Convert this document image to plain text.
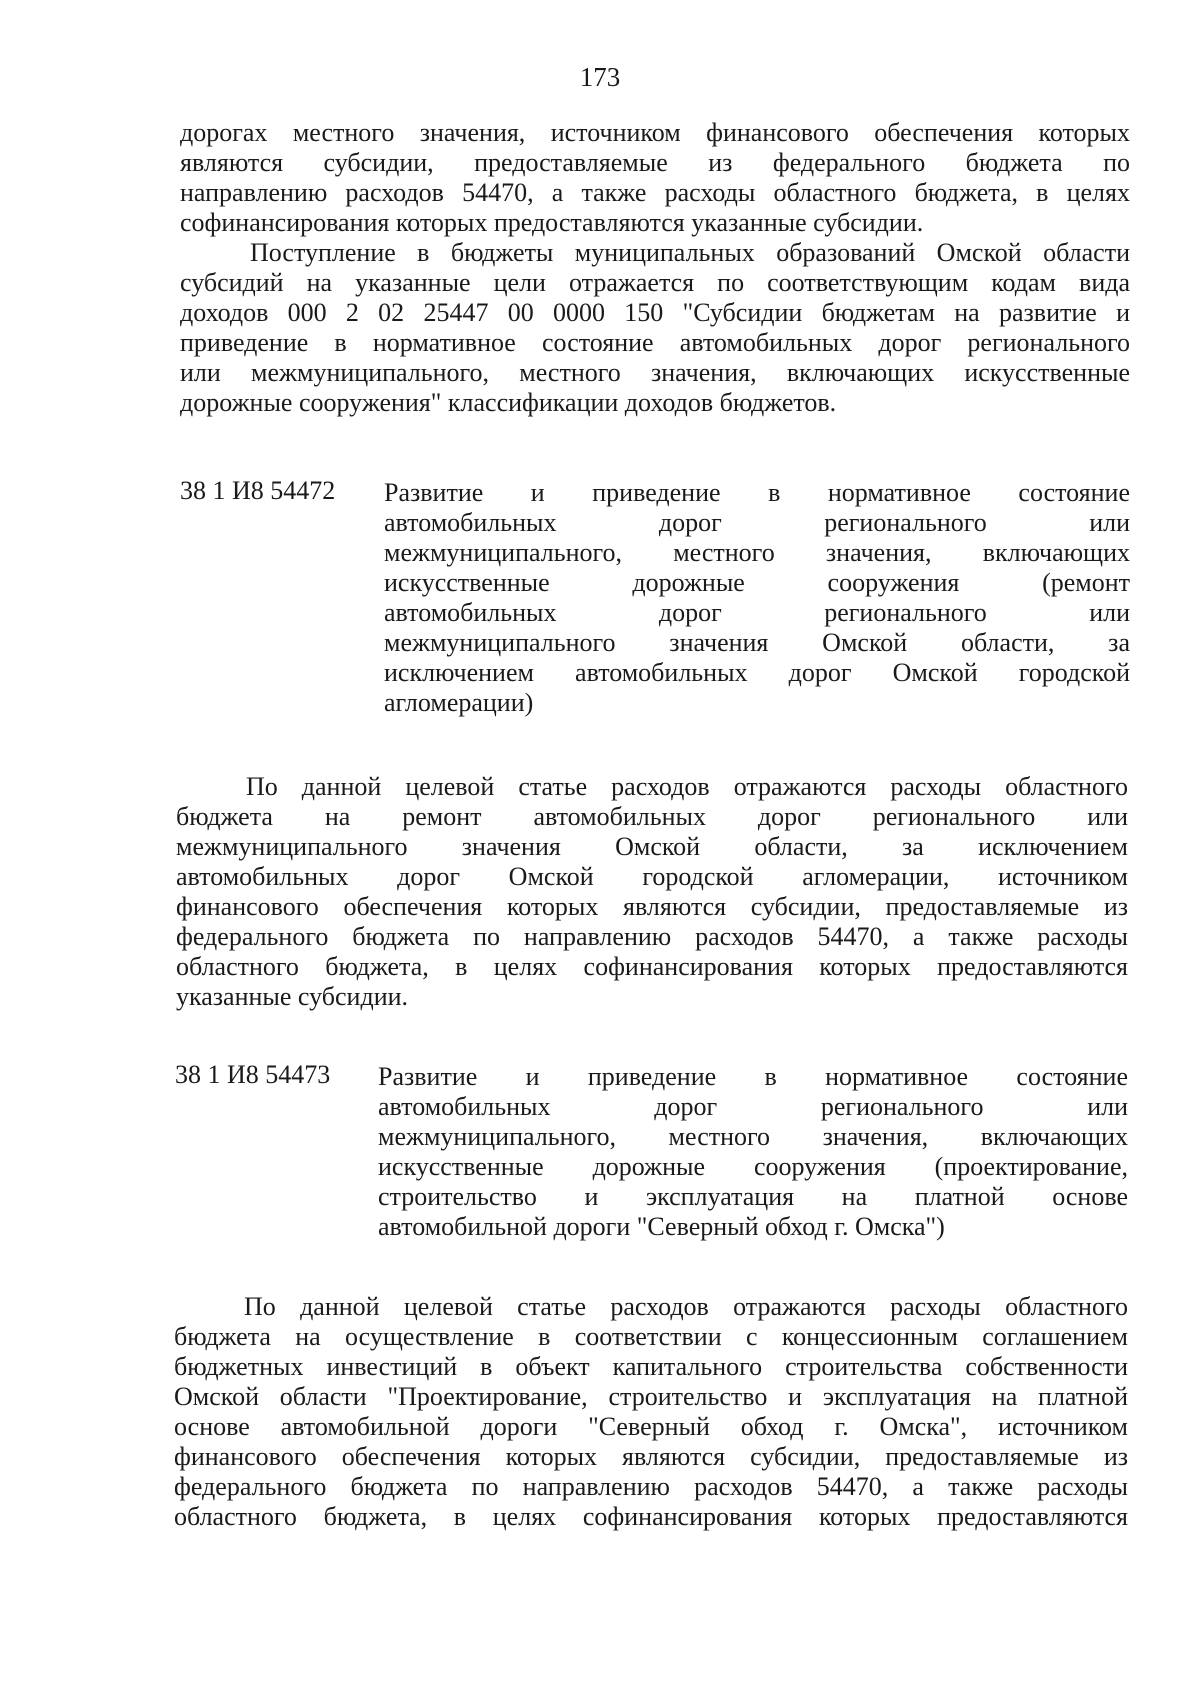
173
дорогах местного значения, источником финансового обеспечения которых
являются субсидии, предоставляемые из федерального бюджета по
направлению расходов 54470, а также расходы областного бюджета, в целях
софинансирования которых предоставляются указанные субсидии.
Поступление в бюджеты муниципальных образований Омской области
субсидий на указанные цели отражается по соответствующим кодам вида
доходов 000 2 02 25447 00 0000 150 "Субсидии бюджетам на развитие и
приведение в нормативное состояние автомобильных дорог регионального
или межмуниципального, местного значения, включающих искусственные
дорожные сооружения" классификации доходов бюджетов.
38 1 И8 54472 Развитие и приведение в нормативное состояние
автомобильных дорог регионального или
межмуниципального, местного значения, включающих
искусственные дорожные сооружения (ремонт
автомобильных дорог регионального или
межмуниципального значения Омской области, за
исключением автомобильных дорог Омской городской
агломерации)
По данной целевой статье расходов отражаются расходы областного
бюджета на ремонт автомобильных дорог регионального или
межмуниципального значения Омской области, за исключением
автомобильных дорог Омской городской агломерации, источником
финансового обеспечения которых являются субсидии, предоставляемые из
федерального бюджета по направлению расходов 54470, а также расходы
областного бюджета, в целях софинансирования которых предоставляются
указанные субсидии.
38 1 И8 54473 Развитие и приведение в нормативное состояние
автомобильных дорог регионального или
межмуниципального, местного значения, включающих
искусственные дорожные сооружения (проектирование,
строительство и эксплуатация на платной основе
автомобильной дороги "Северный обход г. Омска")
По данной целевой статье расходов отражаются расходы областного
бюджета на осуществление в соответствии с концессионным соглашением
бюджетных инвестиций в объект капитального строительства собственности
Омской области "Проектирование, строительство и эксплуатация на платной
основе автомобильной дороги "Северный обход г. Омска", источником
финансового обеспечения которых являются субсидии, предоставляемые из
федерального бюджета по направлению расходов 54470, а также расходы
областного бюджета, в целях софинансирования которых предоставляются
